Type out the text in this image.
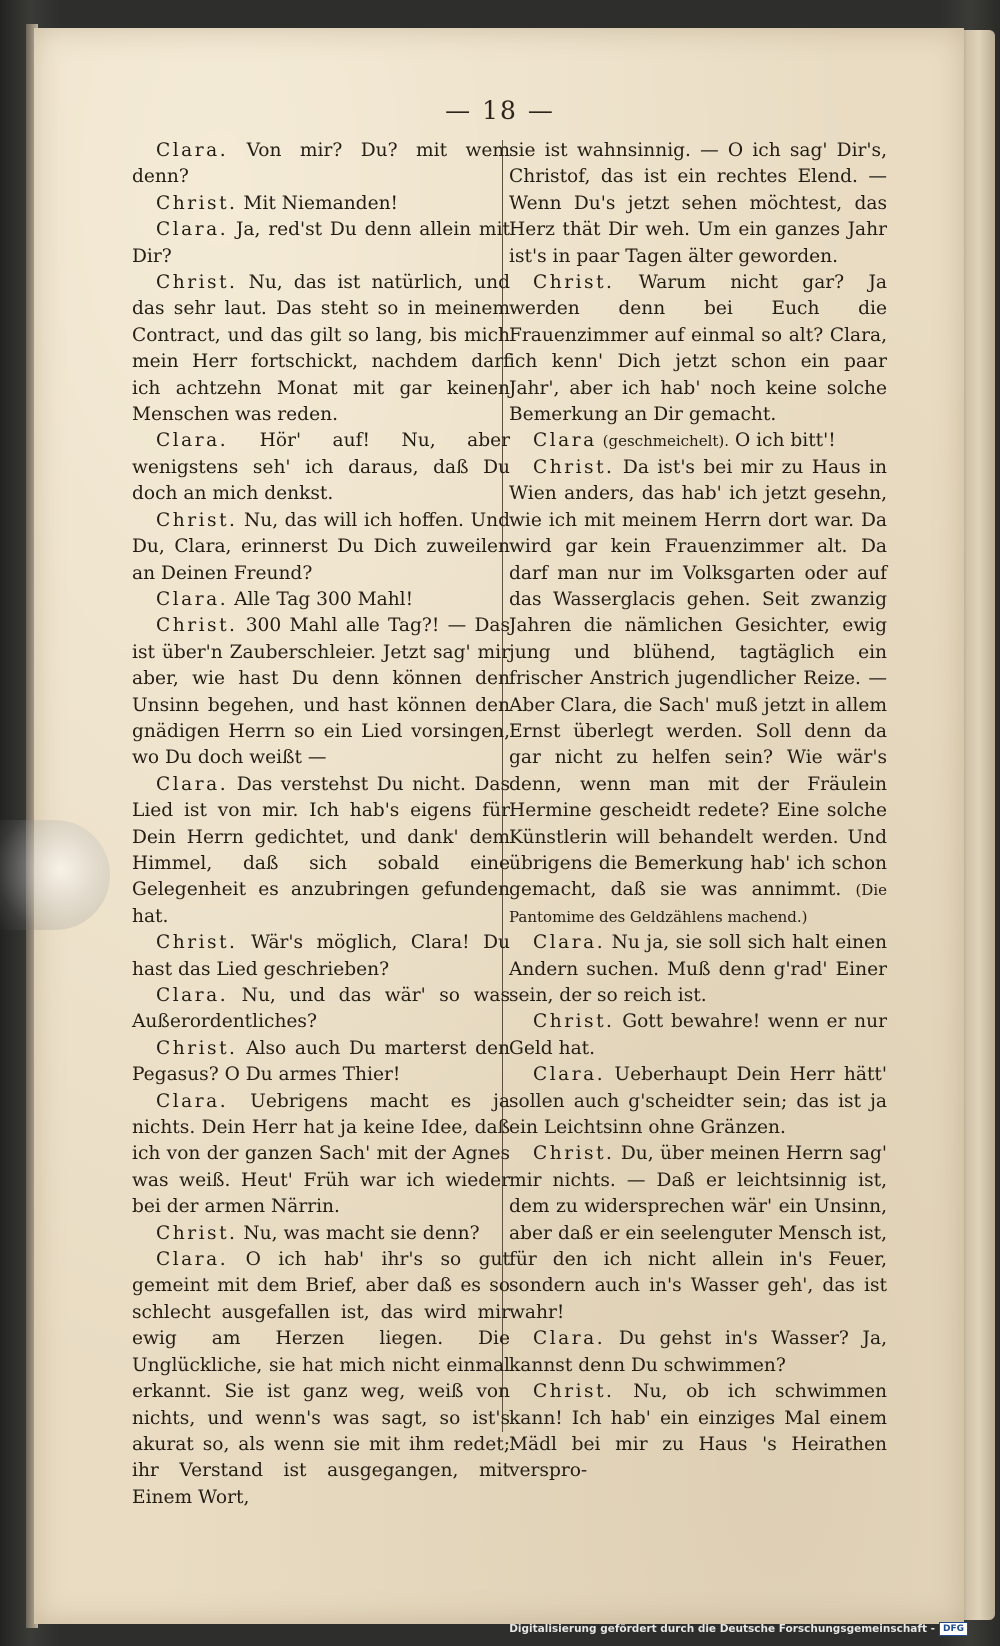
— 18 —

Clara. Von mir? Du? mit wem denn?

Christ. Mit Niemanden!

Clara. Ja, red'st Du denn allein mit Dir?

Christ. Nu, das ist natürlich, und das sehr laut. Das steht so in meinem Contract, und das gilt so lang, bis mich mein Herr fortschickt, nachdem darf ich achtzehn Monat mit gar keinen Menschen was reden.

Clara. Hör' auf! Nu, aber wenigstens seh' ich daraus, daß Du doch an mich denkst.

Christ. Nu, das will ich hoffen. Und Du, Clara, erinnerst Du Dich zuweilen an Deinen Freund?

Clara. Alle Tag 300 Mahl!

Christ. 300 Mahl alle Tag?! — Das ist über'n Zauberschleier. Jetzt sag' mir aber, wie hast Du denn können den Unsinn begehen, und hast können den gnädigen Herrn so ein Lied vorsingen, wo Du doch weißt —

Clara. Das verstehst Du nicht. Das Lied ist von mir. Ich hab's eigens für Dein Herrn gedichtet, und dank' dem Himmel, daß sich sobald eine Gelegenheit es anzubringen gefunden hat.

Christ. Wär's möglich, Clara! Du hast das Lied geschrieben?

Clara. Nu, und das wär' so was Außerordentliches?

Christ. Also auch Du marterst den Pegasus? O Du armes Thier!

Clara. Uebrigens macht es ja nichts. Dein Herr hat ja keine Idee, daß ich von der ganzen Sach' mit der Agnes was weiß. Heut' Früh war ich wieder bei der armen Närrin.

Christ. Nu, was macht sie denn?

Clara. O ich hab' ihr's so gut gemeint mit dem Brief, aber daß es so schlecht ausgefallen ist, das wird mir ewig am Herzen liegen. Die Unglückliche, sie hat mich nicht einmal erkannt. Sie ist ganz weg, weiß von nichts, und wenn's was sagt, so ist's akurat so, als wenn sie mit ihm redet; ihr Verstand ist ausgegangen, mit Einem Wort,

sie ist wahnsinnig. — O ich sag' Dir's, Christof, das ist ein rechtes Elend. — Wenn Du's jetzt sehen möchtest, das Herz thät Dir weh. Um ein ganzes Jahr ist's in paar Tagen älter geworden.

Christ. Warum nicht gar? Ja werden denn bei Euch die Frauenzimmer auf einmal so alt? Clara, ich kenn' Dich jetzt schon ein paar Jahr', aber ich hab' noch keine solche Bemerkung an Dir gemacht.

Clara (geschmeichelt). O ich bitt'!

Christ. Da ist's bei mir zu Haus in Wien anders, das hab' ich jetzt gesehn, wie ich mit meinem Herrn dort war. Da wird gar kein Frauenzimmer alt. Da darf man nur im Volksgarten oder auf das Wasserglacis gehen. Seit zwanzig Jahren die nämlichen Gesichter, ewig jung und blühend, tagtäglich ein frischer Anstrich jugendlicher Reize. — Aber Clara, die Sach' muß jetzt in allem Ernst überlegt werden. Soll denn da gar nicht zu helfen sein? Wie wär's denn, wenn man mit der Fräulein Hermine gescheidt redete? Eine solche Künstlerin will behandelt werden. Und übrigens die Bemerkung hab' ich schon gemacht, daß sie was annimmt. (Die Pantomime des Geldzählens machend.)

Clara. Nu ja, sie soll sich halt einen Andern suchen. Muß denn g'rad' Einer sein, der so reich ist.

Christ. Gott bewahre! wenn er nur Geld hat.

Clara. Ueberhaupt Dein Herr hätt' sollen auch g'scheidter sein; das ist ja ein Leichtsinn ohne Gränzen.

Christ. Du, über meinen Herrn sag' mir nichts. — Daß er leichtsinnig ist, dem zu widersprechen wär' ein Unsinn, aber daß er ein seelenguter Mensch ist, für den ich nicht allein in's Feuer, sondern auch in's Wasser geh', das ist wahr!

Clara. Du gehst in's Wasser? Ja, kannst denn Du schwimmen?

Christ. Nu, ob ich schwimmen kann! Ich hab' ein einziges Mal einem Mädl bei mir zu Haus 's Heirathen verspro-

Digitalisierung gefördert durch die Deutsche Forschungsgemeinschaft - DFG
